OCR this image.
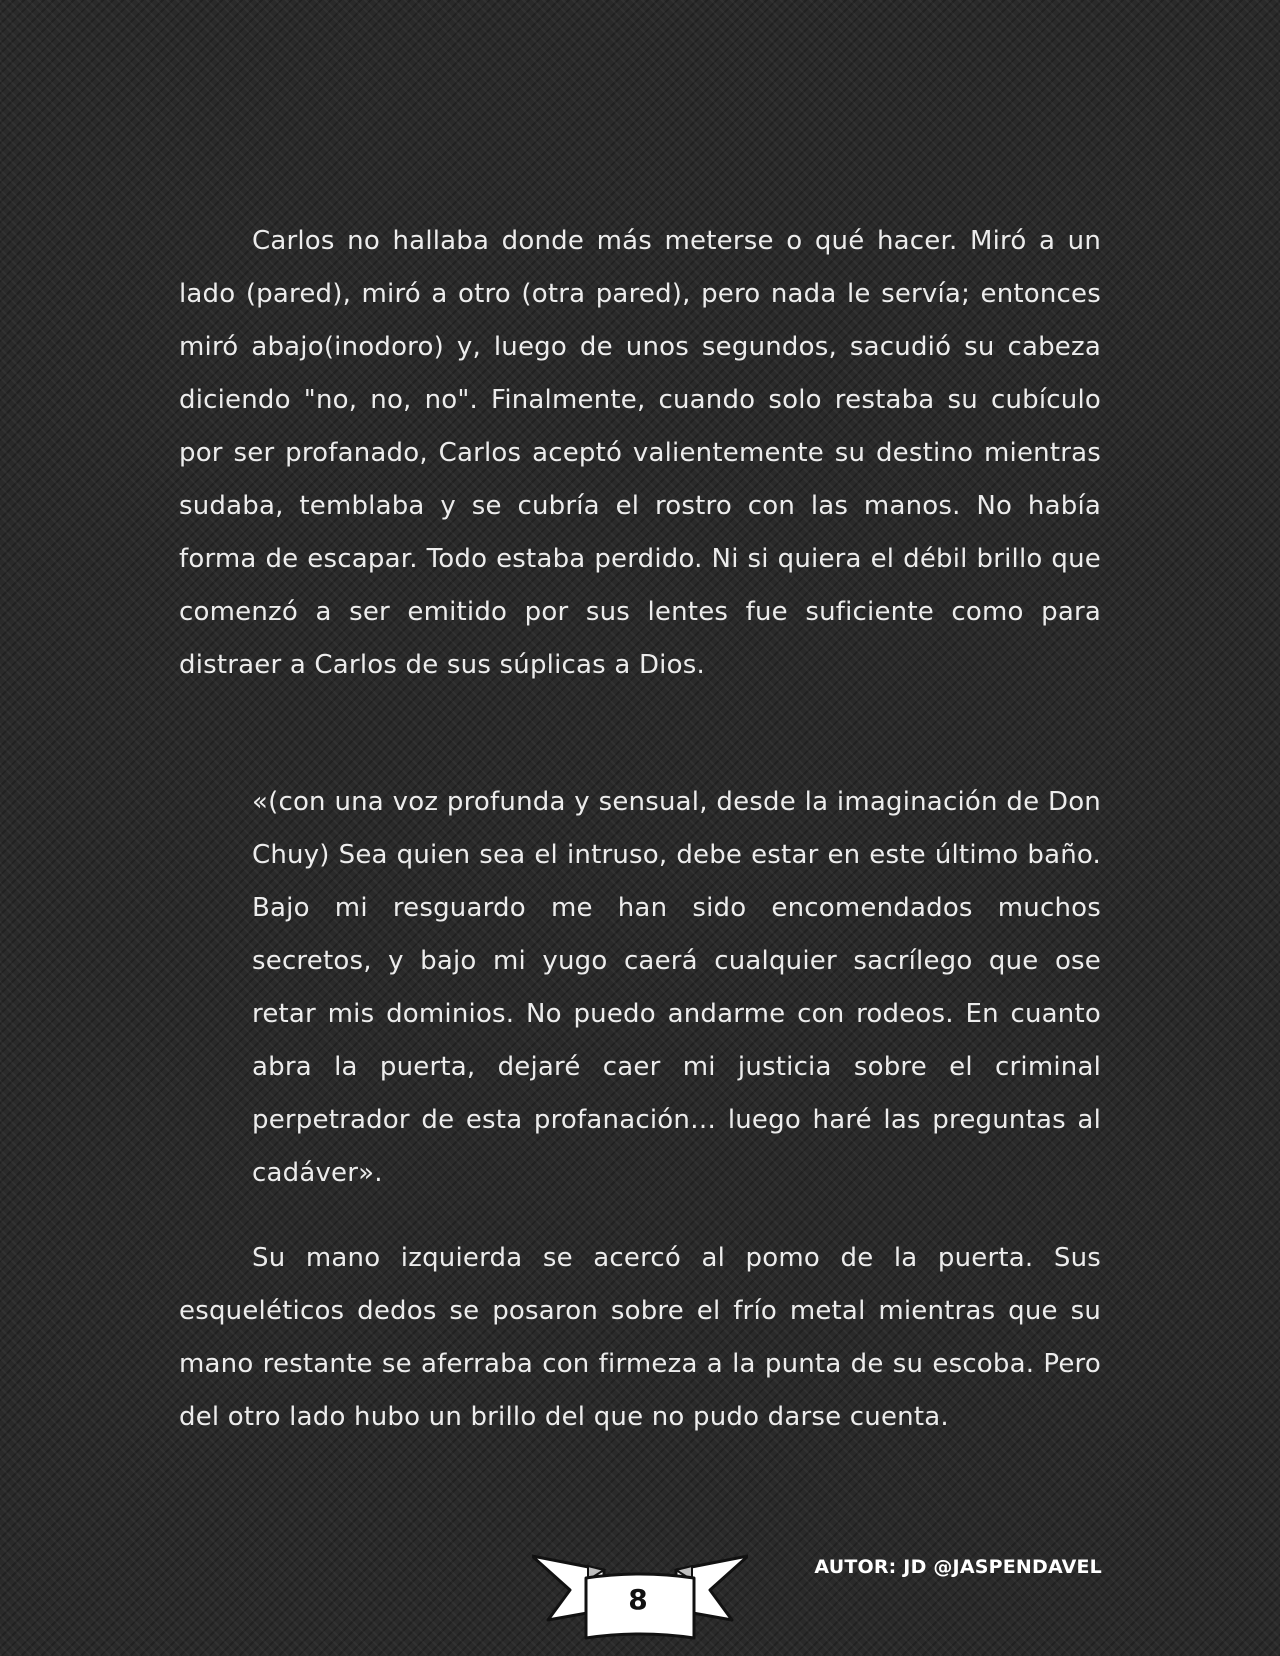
Carlos no hallaba donde más meterse o qué hacer. Miró a un lado (pared), miró a otro (otra pared), pero nada le servía; entonces miró abajo(inodoro) y, luego de unos segundos, sacudió su cabeza diciendo "no, no, no". Finalmente, cuando solo restaba su cubículo por ser profanado, Carlos aceptó valientemente su destino mientras sudaba, temblaba y se cubría el rostro con las manos. No había forma de escapar. Todo estaba perdido. Ni si quiera el débil brillo que comenzó a ser emitido por sus lentes fue suficiente como para distraer a Carlos de sus súplicas a Dios.

«(con una voz profunda y sensual, desde la imaginación de Don Chuy) Sea quien sea el intruso, debe estar en este último baño. Bajo mi resguardo me han sido encomendados muchos secretos, y bajo mi yugo caerá cualquier sacrílego que ose retar mis dominios. No puedo andarme con rodeos. En cuanto abra la puerta, dejaré caer mi justicia sobre el criminal perpetrador de esta profanación… luego haré las preguntas al cadáver».

Su mano izquierda se acercó al pomo de la puerta. Sus esqueléticos dedos se posaron sobre el frío metal mientras que su mano restante se aferraba con firmeza a la punta de su escoba. Pero del otro lado hubo un brillo del que no pudo darse cuenta.

8
AUTOR: JD @JASPENDAVEL
